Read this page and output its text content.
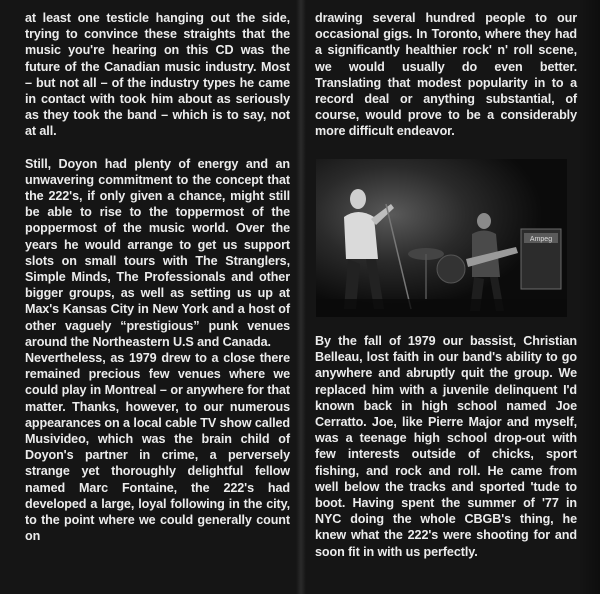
at least one testicle hanging out the side, trying to convince these straights that the music you're hearing on this CD was the future of the Canadian music industry. Most – but not all – of the industry types he came in contact with took him about as seriously as they took the band – which is to say, not at all.

Still, Doyon had plenty of energy and an unwavering commitment to the concept that the 222's, if only given a chance, might still be able to rise to the toppermost of the poppermost of the music world. Over the years he would arrange to get us support slots on small tours with The Stranglers, Simple Minds, The Professionals and other bigger groups, as well as setting us up at Max's Kansas City in New York and a host of other vaguely “prestigious” punk venues around the Northeastern U.S and Canada.

Nevertheless, as 1979 drew to a close there remained precious few venues where we could play in Montreal – or anywhere for that matter. Thanks, however, to our numerous appearances on a local cable TV show called Musivideo, which was the brain child of Doyon's partner in crime, a perversely strange yet thoroughly delightful fellow named Marc Fontaine, the 222's had developed a large, loyal following in the city, to the point where we could generally count on

drawing several hundred people to our occasional gigs. In Toronto, where they had a significantly healthier rock' n' roll scene, we would usually do even better. Translating that modest popularity in to a record deal or anything substantial, of course, would prove to be a considerably more difficult endeavor.

Ampeg

By the fall of 1979 our bassist, Christian Belleau, lost faith in our band's ability to go anywhere and abruptly quit the group. We replaced him with a juvenile delinquent I'd known back in high school named Joe Cerratto. Joe, like Pierre Major and myself, was a teenage high school drop-out with few interests outside of chicks, sport fishing, and rock and roll. He came from well below the tracks and sported 'tude to boot. Having spent the summer of '77 in NYC doing the whole CBGB's thing, he knew what the 222's were shooting for and soon fit in with us perfectly.
